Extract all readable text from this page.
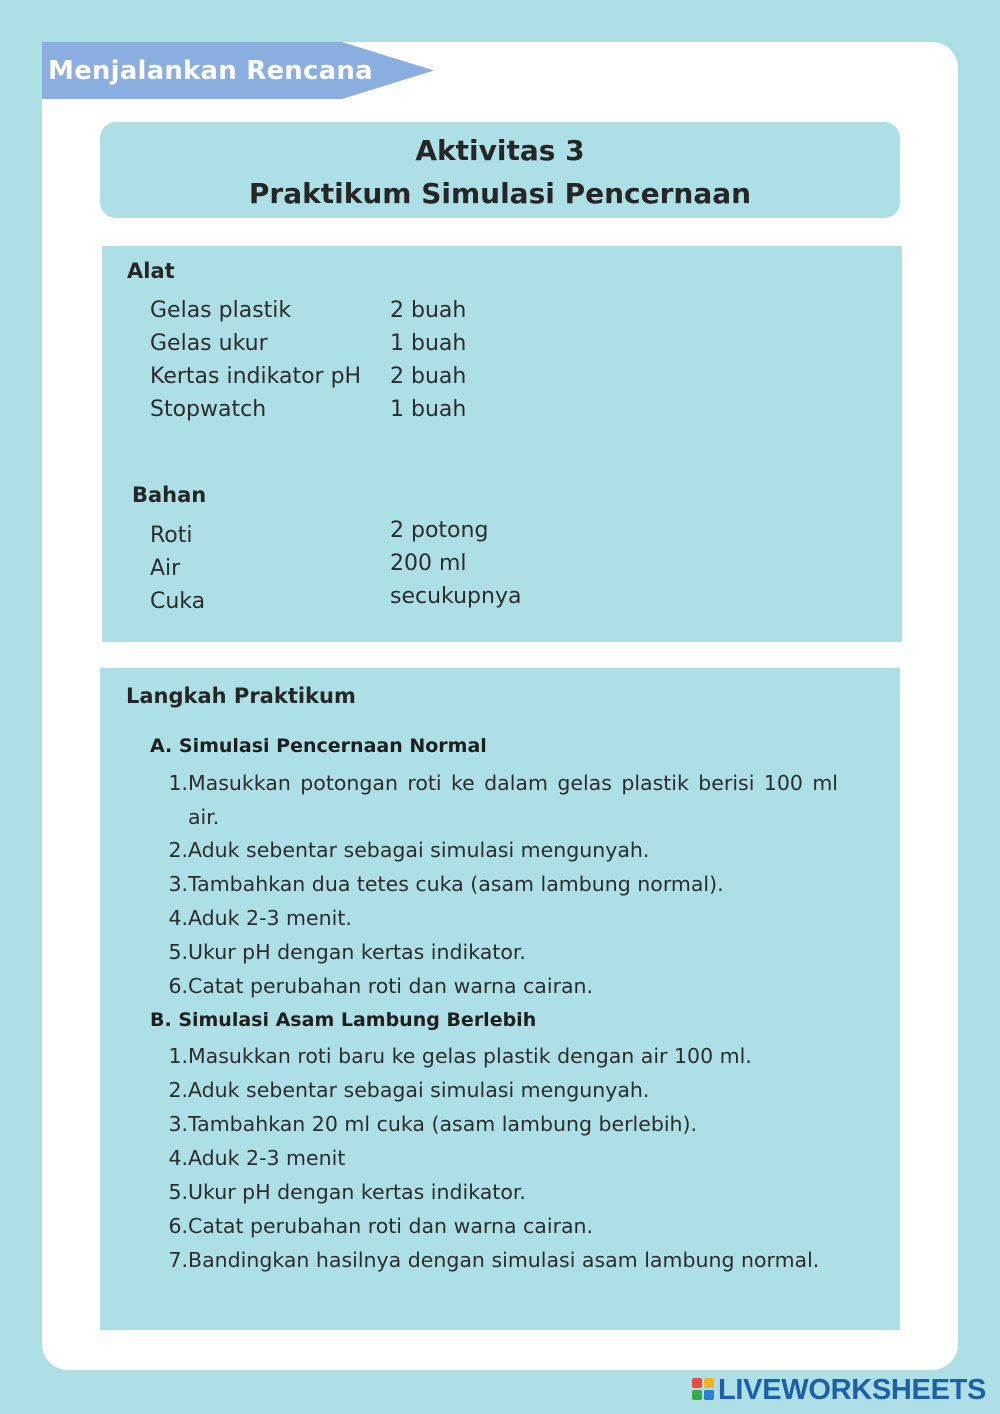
Menjalankan Rencana
Aktivitas 3
Praktikum Simulasi Pencernaan
Alat
Gelas plastik	2 buah
Gelas ukur	1 buah
Kertas indikator pH 2 buah
Stopwatch	1 buah
Bahan
Roti	2 potong
Air	200 ml
Cuka	secukupnya
Langkah Praktikum
A. Simulasi Pencernaan Normal
1. Masukkan potongan roti ke dalam gelas plastik berisi 100 ml air.
2. Aduk sebentar sebagai simulasi mengunyah.
3. Tambahkan dua tetes cuka (asam lambung normal).
4. Aduk 2-3 menit.
5. Ukur pH dengan kertas indikator.
6. Catat perubahan roti dan warna cairan.
B. Simulasi Asam Lambung Berlebih
1. Masukkan roti baru ke gelas plastik dengan air 100 ml.
2. Aduk sebentar sebagai simulasi mengunyah.
3. Tambahkan 20 ml cuka (asam lambung berlebih).
4. Aduk 2-3 menit
5. Ukur pH dengan kertas indikator.
6. Catat perubahan roti dan warna cairan.
7. Bandingkan hasilnya dengan simulasi asam lambung normal.
LIVEWORKSHEETS
